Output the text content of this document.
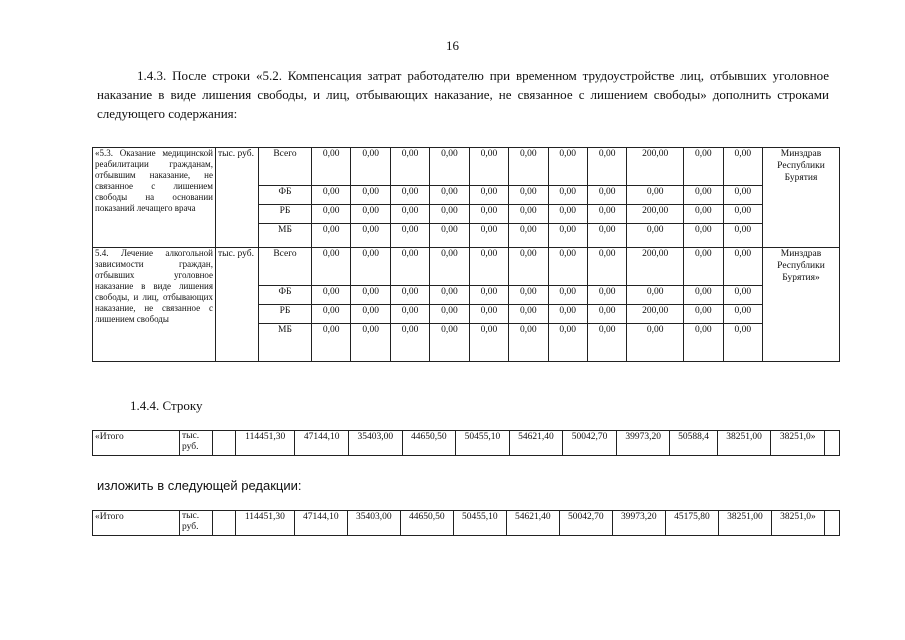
16
1.4.3. После строки «5.2. Компенсация затрат работодателю при временном трудоустройстве лиц, отбывших уголовное наказание в виде лишения свободы, и лиц, отбывающих наказание, не связанное с лишением свободы» дополнить строками следующего содержания:
«5.3. Оказание медицинской реабилитации гражданам, отбывшим наказание, не связанное с лишением свободы на основании показаний лечащего врача	тыс. руб.	Всего	0,00	0,00	0,00	0,00	0,00	0,00	0,00	0,00	200,00	0,00	0,00	Минздрав Республики Бурятия
		ФБ	0,00	0,00	0,00	0,00	0,00	0,00	0,00	0,00	0,00	0,00	0,00	
		РБ	0,00	0,00	0,00	0,00	0,00	0,00	0,00	0,00	200,00	0,00	0,00	
		МБ	0,00	0,00	0,00	0,00	0,00	0,00	0,00	0,00	0,00	0,00	0,00	
5.4. Лечение алкогольной зависимости граждан, отбывших уголовное наказание в виде лишения свободы, и лиц, отбывающих наказание, не связанное с лишением свободы	тыс. руб.	Всего	0,00	0,00	0,00	0,00	0,00	0,00	0,00	0,00	200,00	0,00	0,00	Минздрав Республики Бурятия»
		ФБ	0,00	0,00	0,00	0,00	0,00	0,00	0,00	0,00	0,00	0,00	0,00	
		РБ	0,00	0,00	0,00	0,00	0,00	0,00	0,00	0,00	200,00	0,00	0,00	
		МБ	0,00	0,00	0,00	0,00	0,00	0,00	0,00	0,00	0,00	0,00	0,00	
1.4.4. Строку
«Итого	тыс. руб.		114451,30	47144,10	35403,00	44650,50	50455,10	54621,40	50042,70	39973,20	50588,4	38251,00	38251,0»	
изложить в следующей редакции:
«Итого	тыс. руб.		114451,30	47144,10	35403,00	44650,50	50455,10	54621,40	50042,70	39973,20	45175,80	38251,00	38251,0»	
